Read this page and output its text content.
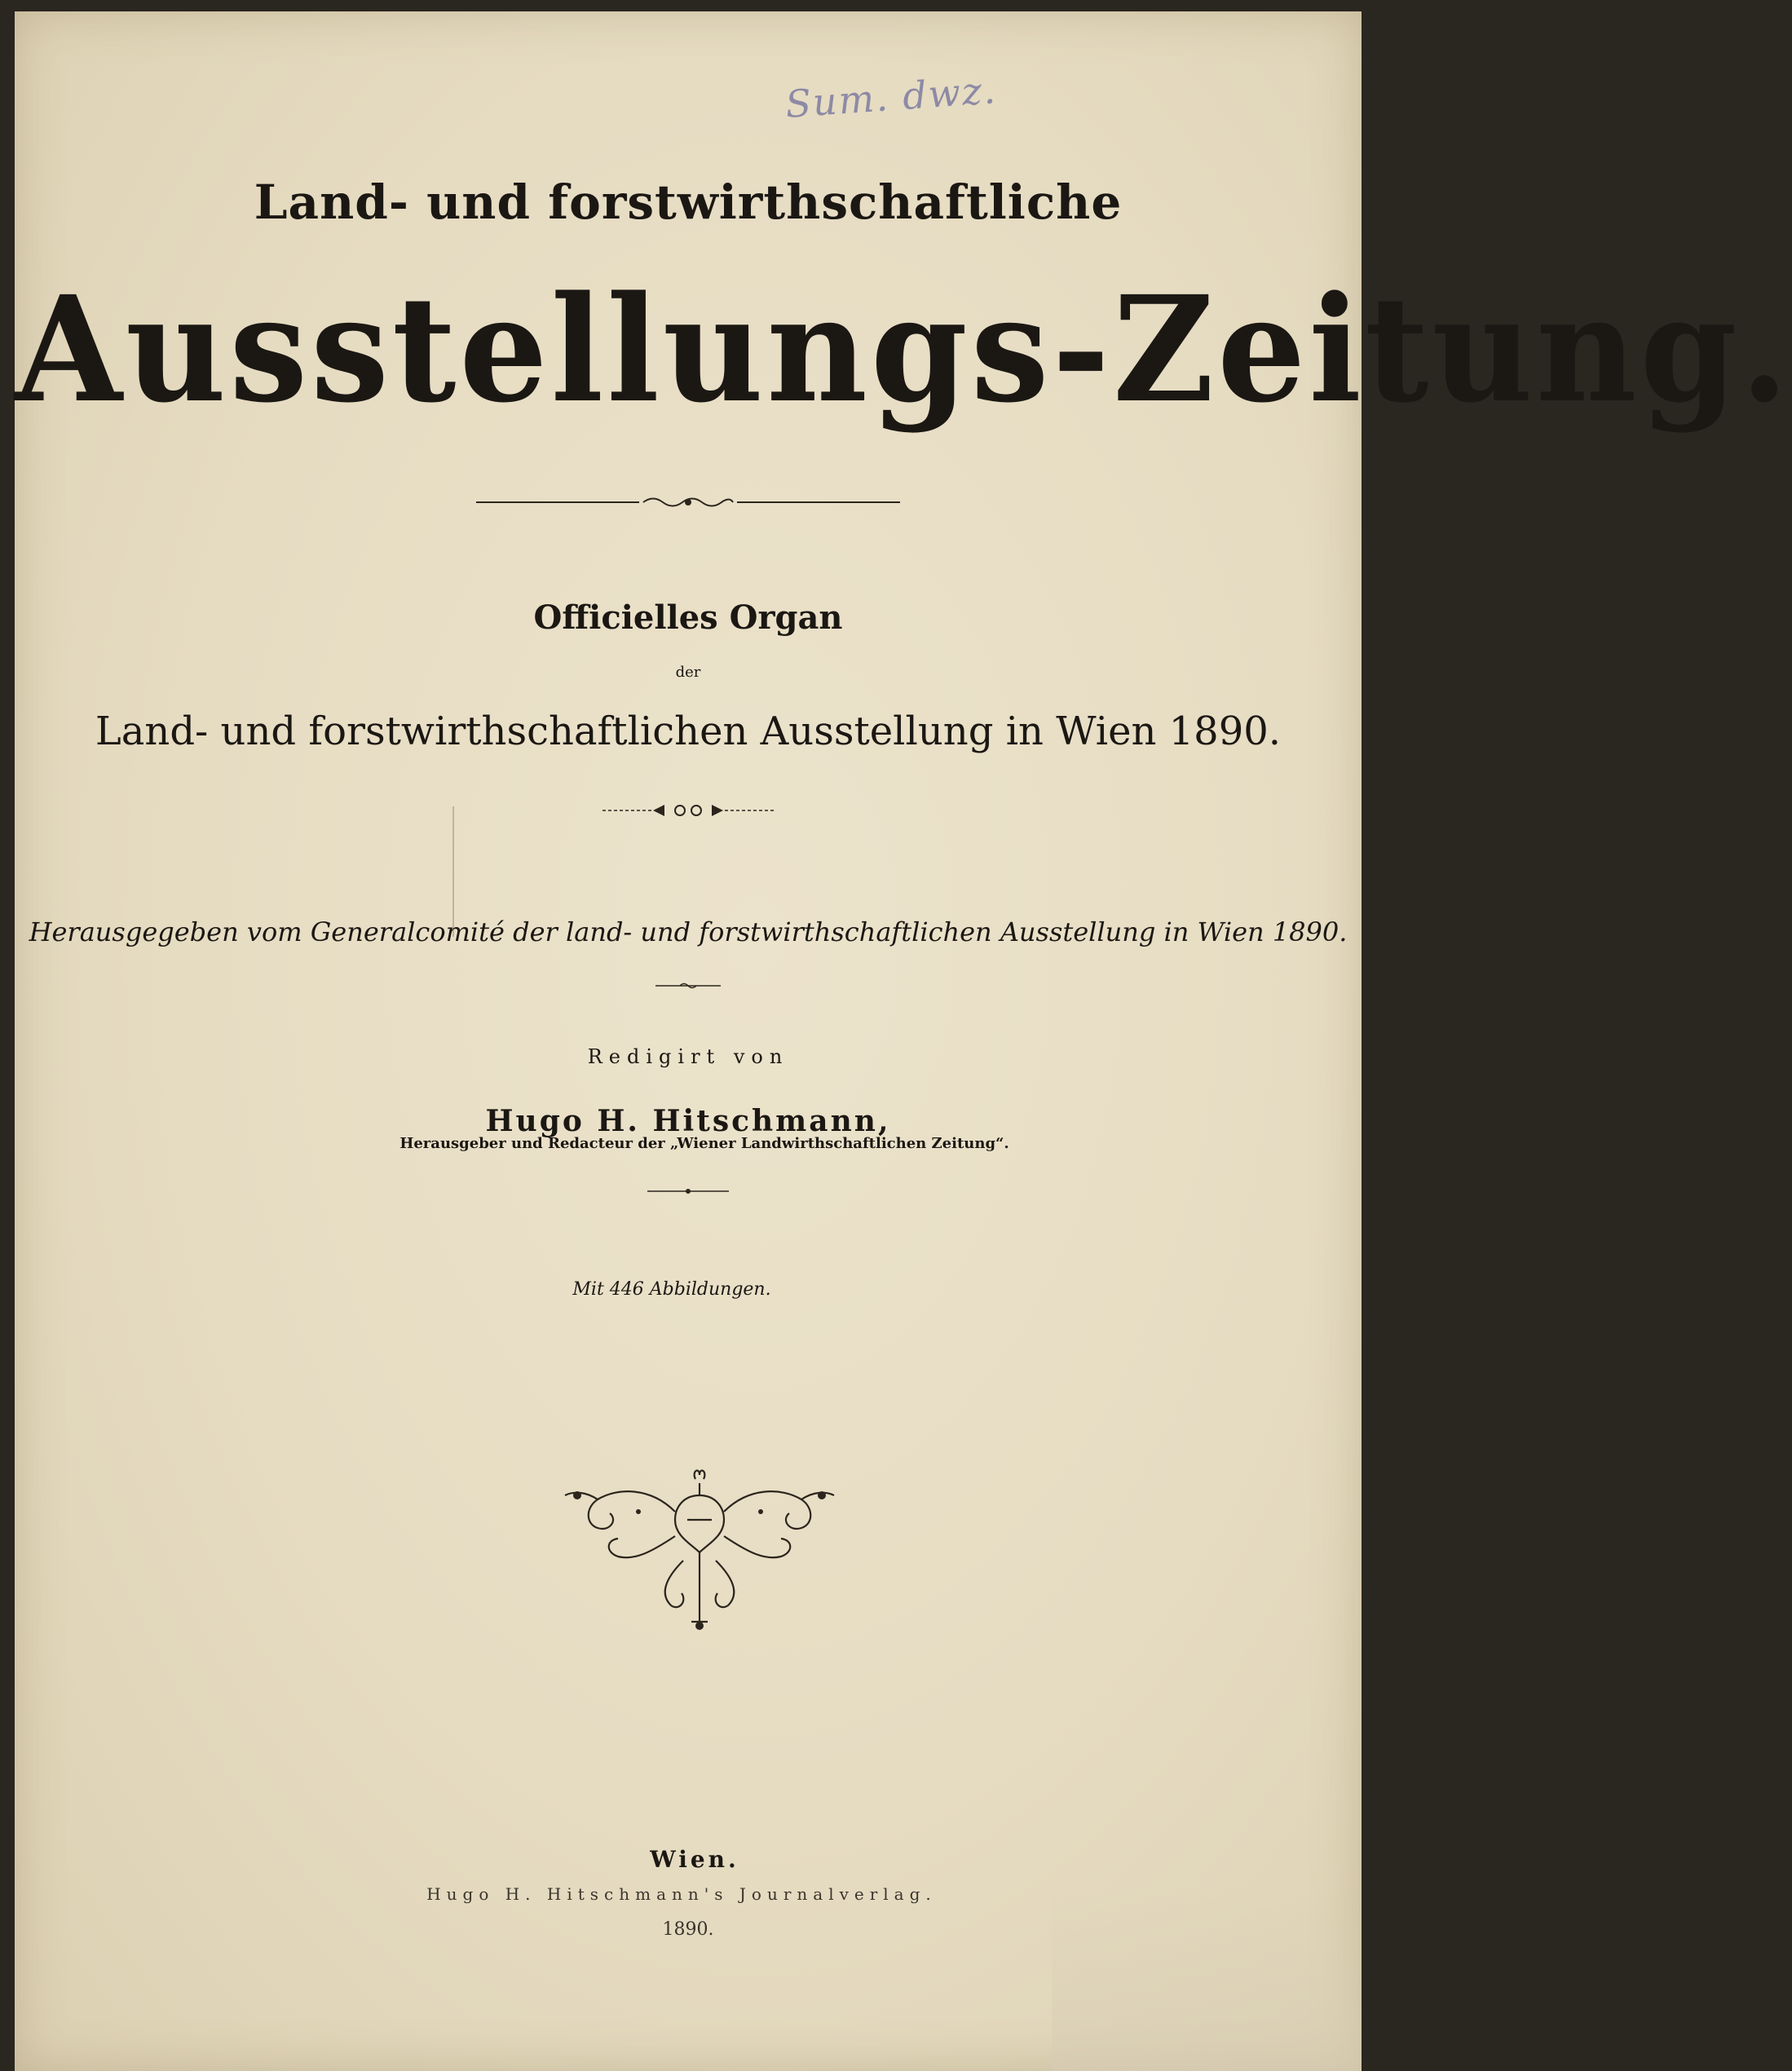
Sum. dwz.
Land- und forstwirthschaftliche
Ausstellungs-Zeitung.
Officielles Organ
der
Land- und forstwirthschaftlichen Ausstellung in Wien 1890.
Herausgegeben vom Generalcomité der land- und forstwirthschaftlichen Ausstellung in Wien 1890.
Redigirt von
Hugo H. Hitschmann,
Herausgeber und Redacteur der „Wiener Landwirthschaftlichen Zeitung“.
Mit 446 Abbildungen.
Wien.
Hugo H. Hitschmann's Journalverlag.
1890.
